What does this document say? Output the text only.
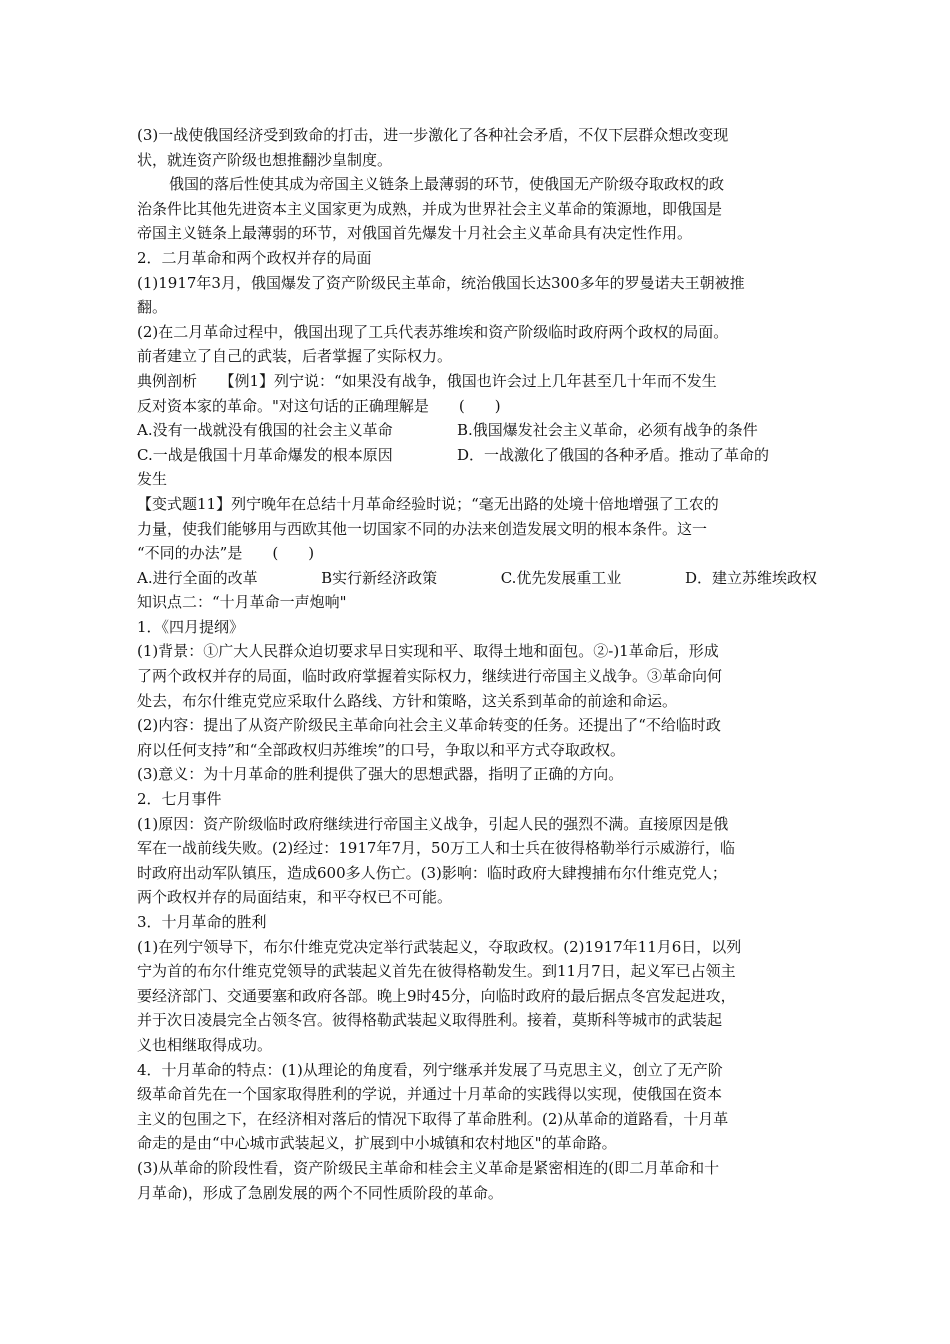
(3)一战使俄国经济受到致命的打击，进一步激化了各种社会矛盾，不仅下层群众想改变现
状，就连资产阶级也想推翻沙皇制度。
俄国的落后性使其成为帝国主义链条上最薄弱的环节，使俄国无产阶级夺取政权的政
治条件比其他先进资本主义国家更为成熟，并成为世界社会主义革命的策源地，即俄国是
帝国主义链条上最薄弱的环节，对俄国首先爆发十月社会主义革命具有决定性作用。
2．二月革命和两个政权并存的局面
(1)1917年3月，俄国爆发了资产阶级民主革命，统治俄国长达300多年的罗曼诺夫王朝被推
翻。
(2)在二月革命过程中，俄国出现了工兵代表苏维埃和资产阶级临时政府两个政权的局面。
前者建立了自己的武装，后者掌握了实际权力。
典例剖析　　【例1】列宁说：“如果没有战争，俄国也许会过上几年甚至几十年而不发生
反对资本家的革命。"对这句话的正确理解是　　(　　)
A.没有一战就没有俄国的社会主义革命	B.俄国爆发社会主义革命，必须有战争的条件
C.一战是俄国十月革命爆发的根本原因	D．一战激化了俄国的各种矛盾。推动了革命的
发生
【变式题11】列宁晚年在总结十月革命经验时说；“毫无出路的处境十倍地增强了工农的
力量，使我们能够用与西欧其他一切国家不同的办法来创造发展文明的根本条件。这一
“不同的办法”是　　(　　)
A.进行全面的改革	B实行新经济政策	C.优先发展重工业	D．建立苏维埃政权
知识点二：“十月革命一声炮响"
1．《四月提纲》
(1)背景：①广大人民群众迫切要求早日实现和平、取得土地和面包。②-)1革命后，形成
了两个政权并存的局面，临时政府掌握着实际权力，继续进行帝国主义战争。③革命向何
处去，布尔什维克党应采取什么路线、方针和策略，这关系到革命的前途和命运。
(2)内容：提出了从资产阶级民主革命向社会主义革命转变的任务。还提出了“不给临时政
府以任何支持”和“全部政权归苏维埃”的口号，争取以和平方式夺取政权。
(3)意义：为十月革命的胜利提供了强大的思想武器，指明了正确的方向。
2．七月事件
(1)原因：资产阶级临时政府继续进行帝国主义战争，引起人民的强烈不满。直接原因是俄
军在一战前线失败。(2)经过：1917年7月，50万工人和士兵在彼得格勒举行示威游行，临
时政府出动军队镇压，造成600多人伤亡。(3)影响：临时政府大肆搜捕布尔什维克党人；
两个政权并存的局面结束，和平夺权已不可能。
3．十月革命的胜利
(1)在列宁领导下，布尔什维克党决定举行武装起义，夺取政权。(2)1917年11月6日，以列
宁为首的布尔什维克党领导的武装起义首先在彼得格勒发生。到11月7日，起义军已占领主
要经济部门、交通要塞和政府各部。晚上9时45分，向临时政府的最后据点冬宫发起进攻，
并于次日凌晨完全占领冬宫。彼得格勒武装起义取得胜利。接着，莫斯科等城市的武装起
义也相继取得成功。
4．十月革命的特点：(1)从理论的角度看，列宁继承并发展了马克思主义，创立了无产阶
级革命首先在一个国家取得胜利的学说，并通过十月革命的实践得以实现，使俄国在资本
主义的包围之下，在经济相对落后的情况下取得了革命胜利。(2)从革命的道路看，十月革
命走的是由“中心城市武装起义，扩展到中小城镇和农村地区"的革命路。
(3)从革命的阶段性看，资产阶级民主革命和桂会主义革命是紧密相连的(即二月革命和十
月革命)，形成了急剧发展的两个不同性质阶段的革命。
